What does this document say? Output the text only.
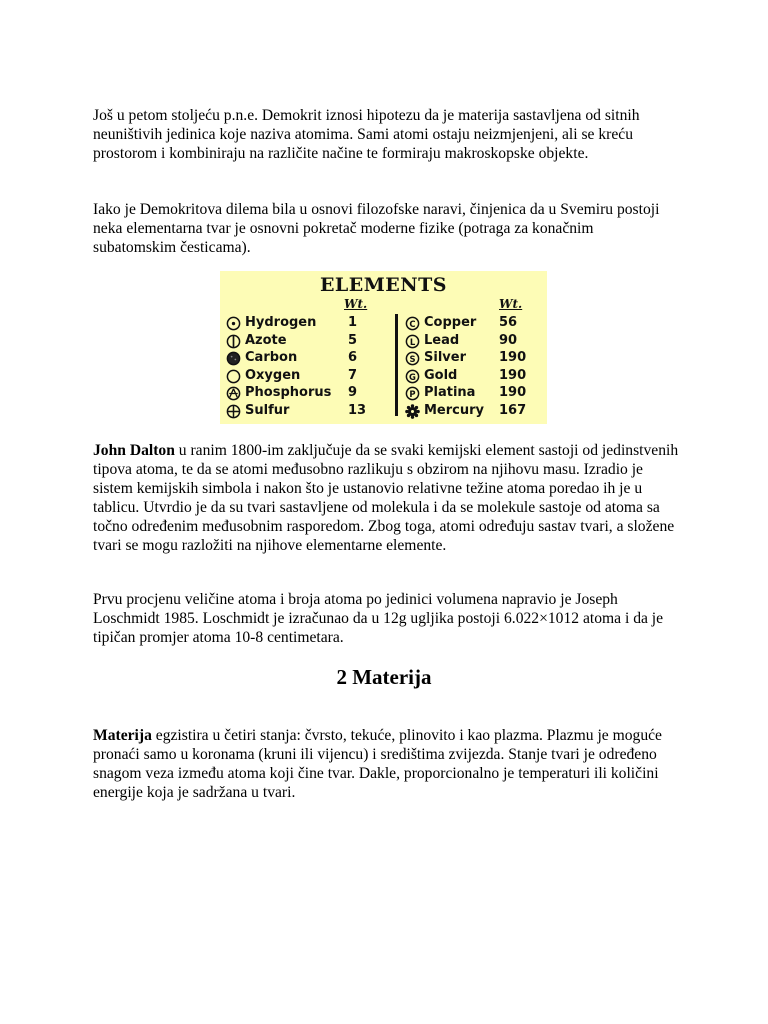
Još u petom stoljeću p.n.e. Demokrit iznosi hipotezu da je materija sastavljena od sitnih neuništivih jedinica koje naziva atomima. Sami atomi ostaju neizmjenjeni, ali se kreću prostorom i kombiniraju na različite načine te formiraju makroskopske objekte.

Iako je Demokritova dilema bila u osnovi filozofske naravi, činjenica da u Svemiru postoji neka elementarna tvar je osnovni pokretač moderne fizike (potraga za konačnim subatomskim česticama).

ELEMENTS
Wt.
Hydrogen 1
Azote	5
Carbon	6
Oxygen	7
Phosphorus 9
Sulfur	13
Wt.
C Copper 56
L Lead	90
S Silver	190
G Gold	190
P Platina 190
Mercury 167

John Dalton u ranim 1800-im zaključuje da se svaki kemijski element sastoji od jedinstvenih tipova atoma, te da se atomi međusobno razlikuju s obzirom na njihovu masu. Izradio je sistem kemijskih simbola i nakon što je ustanovio relativne težine atoma poredao ih je u tablicu. Utvrdio je da su tvari sastavljene od molekula i da se molekule sastoje od atoma sa točno određenim međusobnim rasporedom. Zbog toga, atomi određuju sastav tvari, a složene tvari se mogu razložiti na njihove elementarne elemente.

Prvu procjenu veličine atoma i broja atoma po jedinici volumena napravio je Joseph Loschmidt 1985. Loschmidt je izračunao da u 12g ugljika postoji 6.022×1012 atoma i da je tipičan promjer atoma 10-8 centimetara.

2 Materija

Materija egzistira u četiri stanja: čvrsto, tekuće, plinovito i kao plazma. Plazmu je moguće pronaći samo u koronama (kruni ili vijencu) i središtima zvijezda. Stanje tvari je određeno snagom veza između atoma koji čine tvar. Dakle, proporcionalno je temperaturi ili količini energije koja je sadržana u tvari.
